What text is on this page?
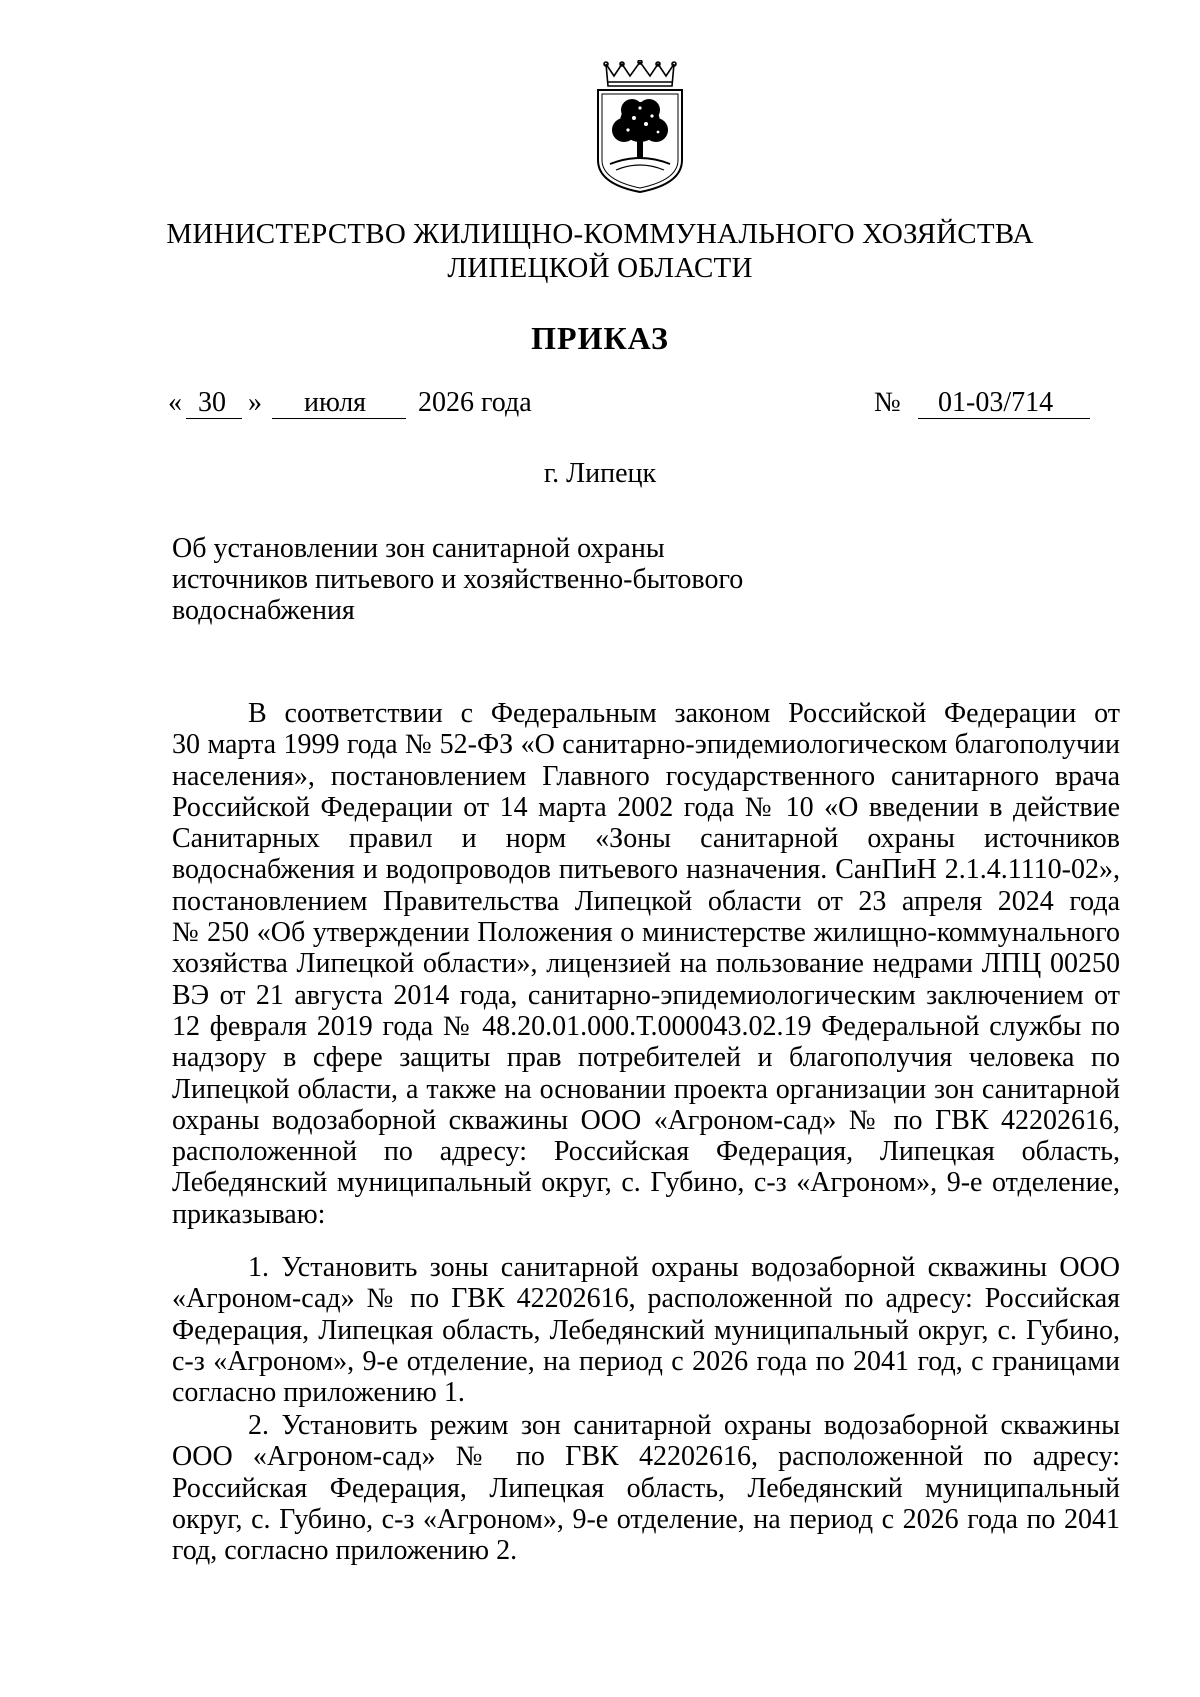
МИНИСТЕРСТВО ЖИЛИЩНО-КОММУНАЛЬНОГО ХОЗЯЙСТВА
ЛИПЕЦКОЙ ОБЛАСТИ
ПРИКАЗ
« 30 » июля 2026 года	№ 01-03/714
г. Липецк
Об установлении зон санитарной охраны
источников питьевого и хозяйственно-бытового
водоснабжения
В соответствии с Федеральным законом Российской Федерации от
30 марта 1999 года № 52-ФЗ «О санитарно-эпидемиологическом благополучии
населения», постановлением Главного государственного санитарного врача
Российской Федерации от 14 марта 2002 года № 10 «О введении в действие
Санитарных правил и норм «Зоны санитарной охраны источников
водоснабжения и водопроводов питьевого назначения. СанПиН 2.1.4.1110-02»,
постановлением Правительства Липецкой области от 23 апреля 2024 года
№ 250 «Об утверждении Положения о министерстве жилищно-коммунального
хозяйства Липецкой области», лицензией на пользование недрами ЛПЦ 00250
ВЭ от 21 августа 2014 года, санитарно-эпидемиологическим заключением от
12 февраля 2019 года № 48.20.01.000.Т.000043.02.19 Федеральной службы по
надзору в сфере защиты прав потребителей и благополучия человека по
Липецкой области, а также на основании проекта организации зон санитарной
охраны водозаборной скважины ООО «Агроном-сад» № по ГВК 42202616,
расположенной по адресу: Российская Федерация, Липецкая область,
Лебедянский муниципальный округ, с. Губино, с-з «Агроном», 9-е отделение,
приказываю:
1. Установить зоны санитарной охраны водозаборной скважины ООО
«Агроном-сад» № по ГВК 42202616, расположенной по адресу: Российская
Федерация, Липецкая область, Лебедянский муниципальный округ, с. Губино,
с-з «Агроном», 9-е отделение, на период с 2026 года по 2041 год, с границами
согласно приложению 1.
2. Установить режим зон санитарной охраны водозаборной скважины
ООО «Агроном-сад» № по ГВК 42202616, расположенной по адресу:
Российская Федерация, Липецкая область, Лебедянский муниципальный
округ, с. Губино, с-з «Агроном», 9-е отделение, на период с 2026 года по 2041
год, согласно приложению 2.
